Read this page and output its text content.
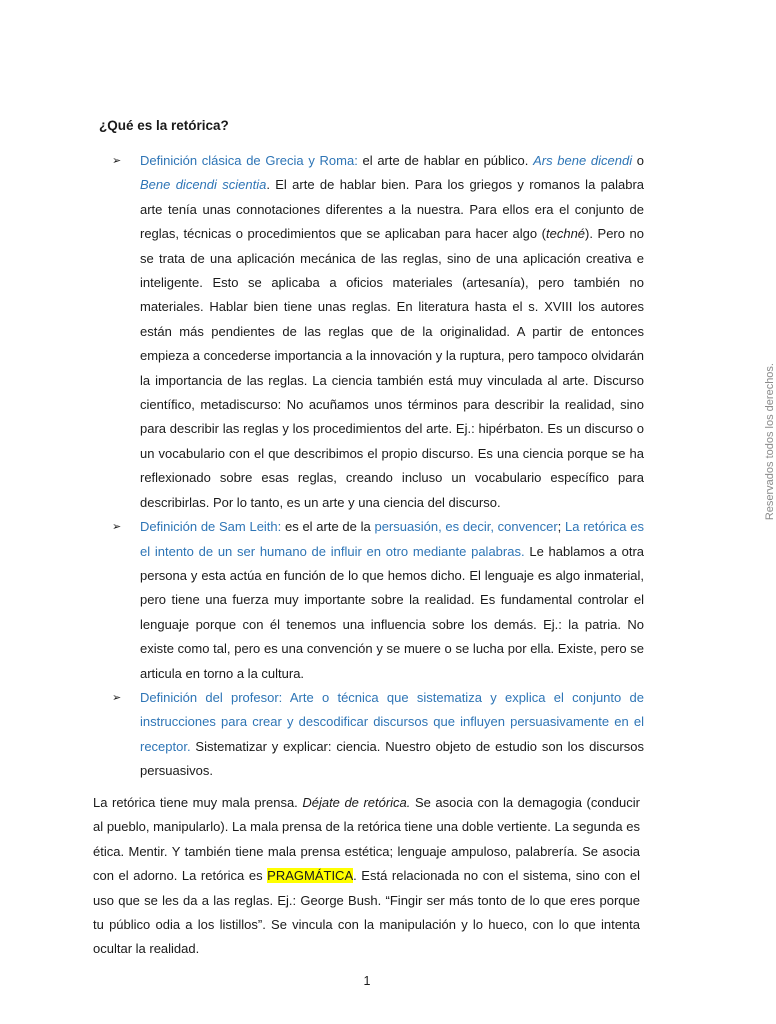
¿Qué es la retórica?
➢ Definición clásica de Grecia y Roma: el arte de hablar en público. Ars bene dicendi o Bene dicendi scientia. El arte de hablar bien. Para los griegos y romanos la palabra arte tenía unas connotaciones diferentes a la nuestra. Para ellos era el conjunto de reglas, técnicas o procedimientos que se aplicaban para hacer algo (techné). Pero no se trata de una aplicación mecánica de las reglas, sino de una aplicación creativa e inteligente. Esto se aplicaba a oficios materiales (artesanía), pero también no materiales. Hablar bien tiene unas reglas. En literatura hasta el s. XVIII los autores están más pendientes de las reglas que de la originalidad. A partir de entonces empieza a concederse importancia a la innovación y la ruptura, pero tampoco olvidarán la importancia de las reglas. La ciencia también está muy vinculada al arte. Discurso científico, metadiscurso: No acuñamos unos términos para describir la realidad, sino para describir las reglas y los procedimientos del arte. Ej.: hipérbaton. Es un discurso o un vocabulario con el que describimos el propio discurso. Es una ciencia porque se ha reflexionado sobre esas reglas, creando incluso un vocabulario específico para describirlas. Por lo tanto, es un arte y una ciencia del discurso.

➢ Definición de Sam Leith: es el arte de la persuasión, es decir, convencer; La retórica es el intento de un ser humano de influir en otro mediante palabras. Le hablamos a otra persona y esta actúa en función de lo que hemos dicho. El lenguaje es algo inmaterial, pero tiene una fuerza muy importante sobre la realidad. Es fundamental controlar el lenguaje porque con él tenemos una influencia sobre los demás. Ej.: la patria. No existe como tal, pero es una convención y se muere o se lucha por ella. Existe, pero se articula en torno a la cultura.

➢ Definición del profesor: Arte o técnica que sistematiza y explica el conjunto de instrucciones para crear y descodificar discursos que influyen persuasivamente en el receptor. Sistematizar y explicar: ciencia. Nuestro objeto de estudio son los discursos persuasivos.

La retórica tiene muy mala prensa. Déjate de retórica. Se asocia con la demagogia (conducir al pueblo, manipularlo). La mala prensa de la retórica tiene una doble vertiente. La segunda es ética. Mentir. Y también tiene mala prensa estética; lenguaje ampuloso, palabrería. Se asocia con el adorno. La retórica es PRAGMÁTICA. Está relacionada no con el sistema, sino con el uso que se les da a las reglas. Ej.: George Bush. “Fingir ser más tonto de lo que eres porque tu público odia a los listillos”. Se vincula con la manipulación y lo hueco, con lo que intenta ocultar la realidad.

1
Reservados todos los derechos.
